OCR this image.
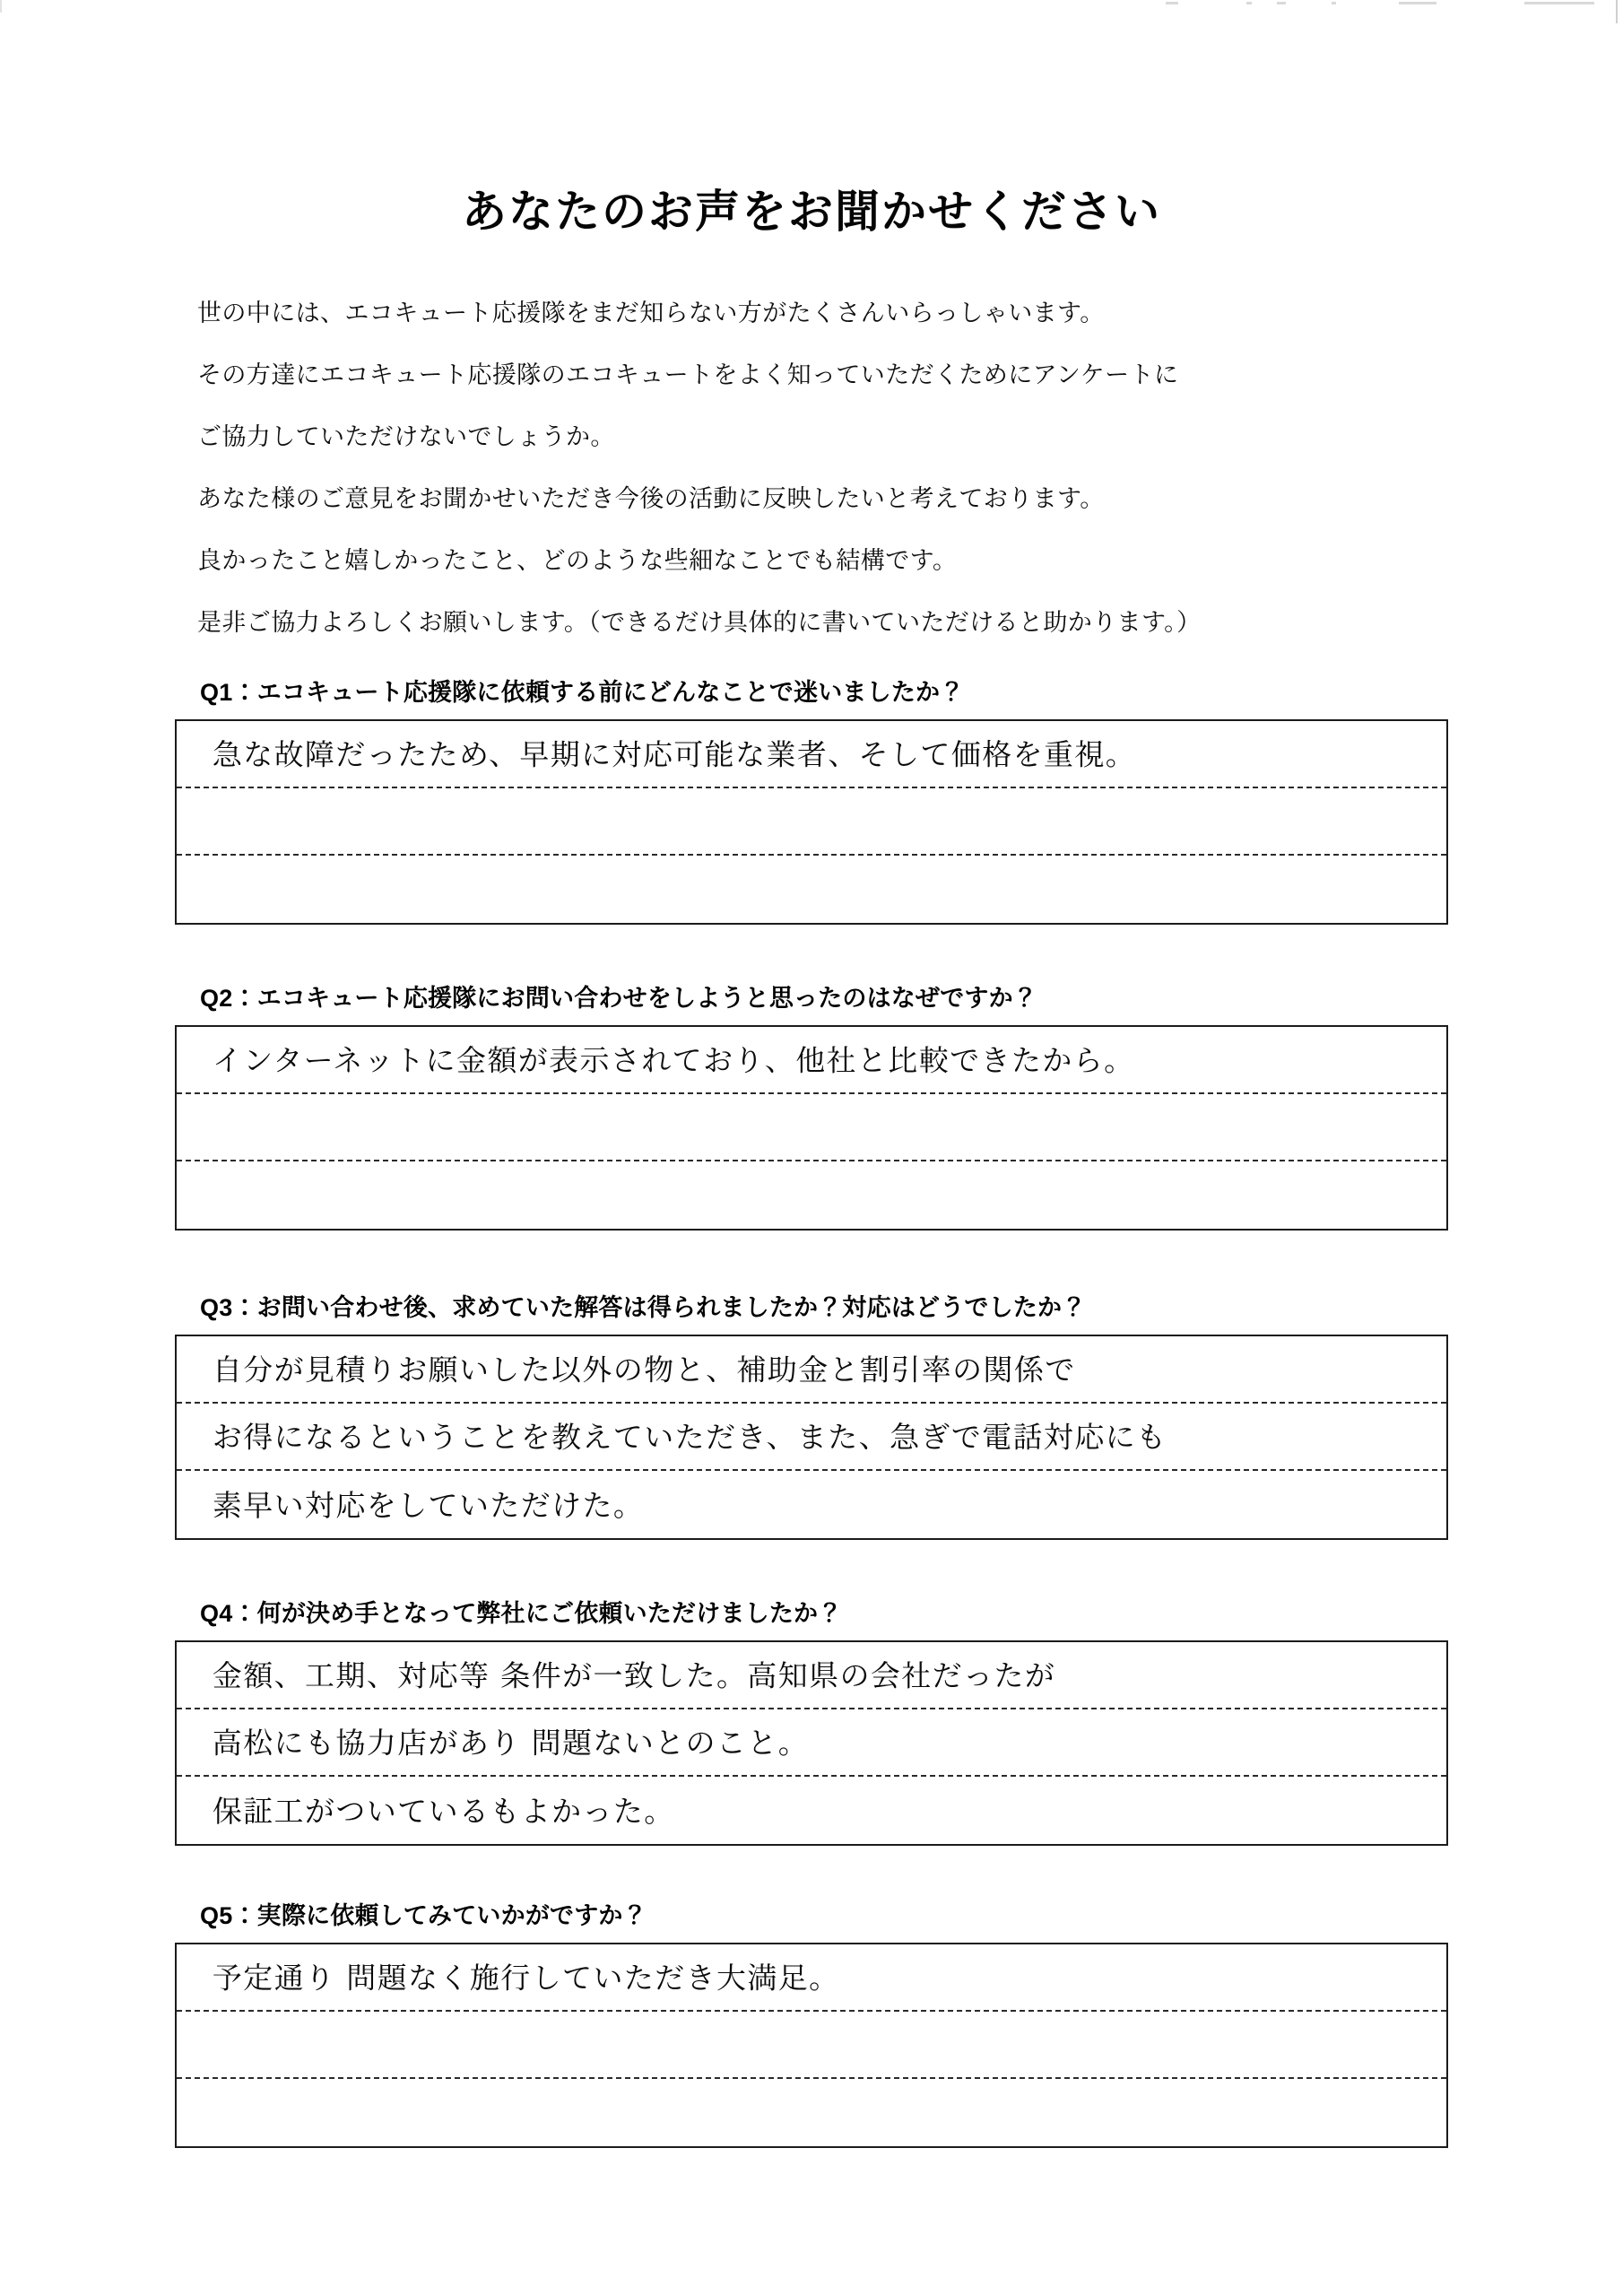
あなたのお声をお聞かせください
世の中には、エコキュート応援隊をまだ知らない方がたくさんいらっしゃいます。
その方達にエコキュート応援隊のエコキュートをよく知っていただくためにアンケートに
ご協力していただけないでしょうか。
あなた様のご意見をお聞かせいただき今後の活動に反映したいと考えております。
良かったこと嬉しかったこと、どのような些細なことでも結構です。
是非ご協力よろしくお願いします。（できるだけ具体的に書いていただけると助かります。）
Q1：エコキュート応援隊に依頼する前にどんなことで迷いましたか？
急な故障だったため、早期に対応可能な業者、そして価格を重視。
Q2：エコキュート応援隊にお問い合わせをしようと思ったのはなぜですか？
インターネットに金額が表示されており、他社と比較できたから。
Q3：お問い合わせ後、求めていた解答は得られましたか？対応はどうでしたか？
自分が見積りお願いした以外の物と、補助金と割引率の関係で
お得になるということを教えていただき、また、急ぎで電話対応にも
素早い対応をしていただけた。
Q4：何が決め手となって弊社にご依頼いただけましたか？
金額、工期、対応等 条件が一致した。高知県の会社だったが
高松にも協力店があり 問題ないとのこと。
保証工がついているもよかった。
Q5：実際に依頼してみていかがですか？
予定通り 問題なく施行していただき大満足。
